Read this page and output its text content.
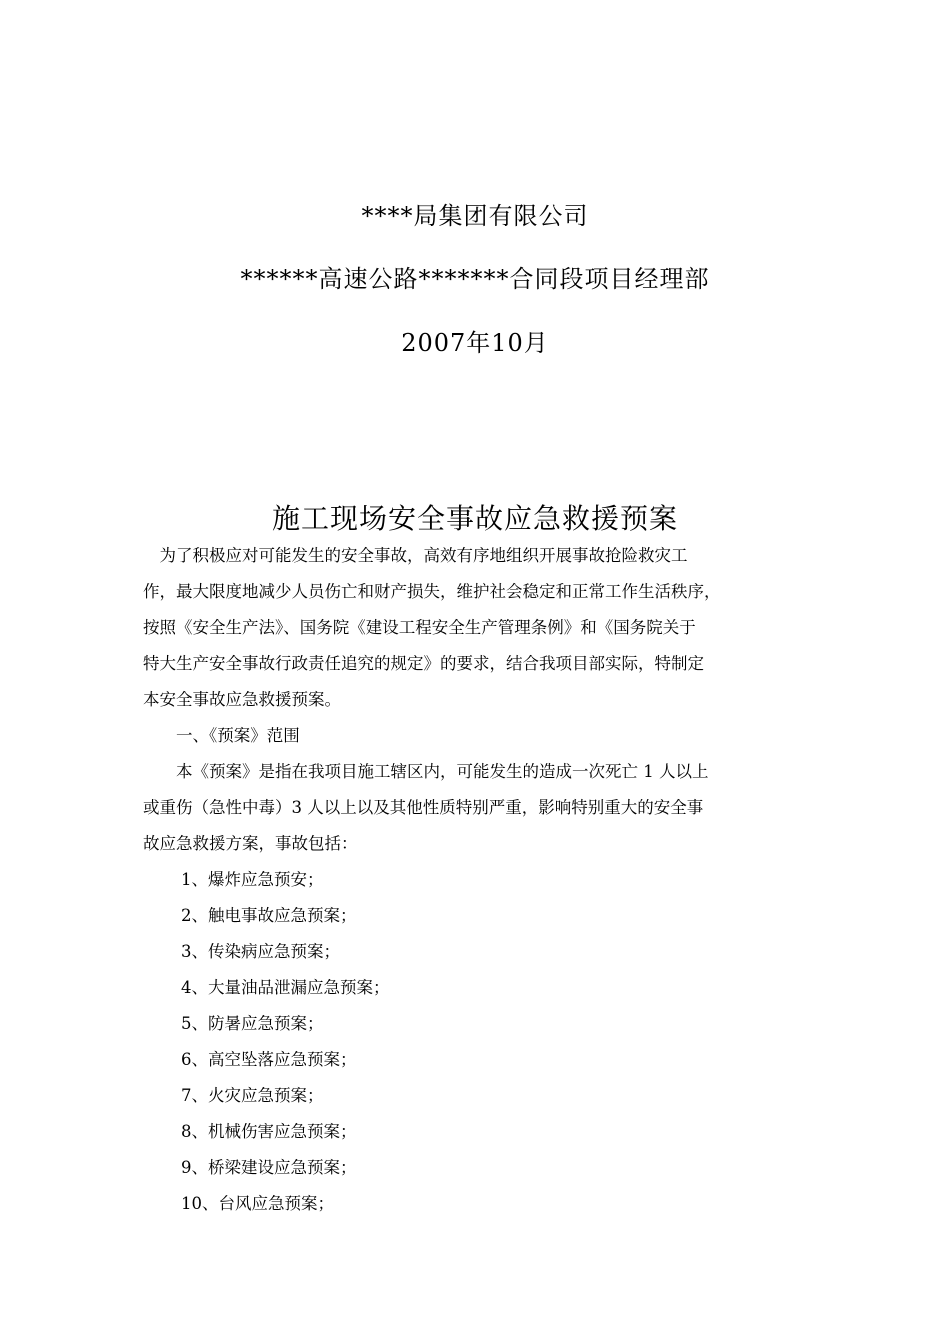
****局集团有限公司
******高速公路*******合同段项目经理部
2007年10月
施工现场安全事故应急救援预案
　为了积极应对可能发生的安全事故，高效有序地组织开展事故抢险救灾工
作，最大限度地减少人员伤亡和财产损失，维护社会稳定和正常工作生活秩序，
按照《安全生产法》、国务院《建设工程安全生产管理条例》和《国务院关于
特大生产安全事故行政责任追究的规定》的要求，结合我项目部实际，特制定
本安全事故应急救援预案。
　　一、《预案》范围
　　本《预案》是指在我项目施工辖区内，可能发生的造成一次死亡 1 人以上
或重伤（急性中毒）3 人以上以及其他性质特别严重，影响特别重大的安全事
故应急救援方案，事故包括：
1、爆炸应急预安；
2、触电事故应急预案；
3、传染病应急预案；
4、大量油品泄漏应急预案；
5、防暑应急预案；
6、高空坠落应急预案；
7、火灾应急预案；
8、机械伤害应急预案；
9、桥梁建设应急预案；
10、台风应急预案；
